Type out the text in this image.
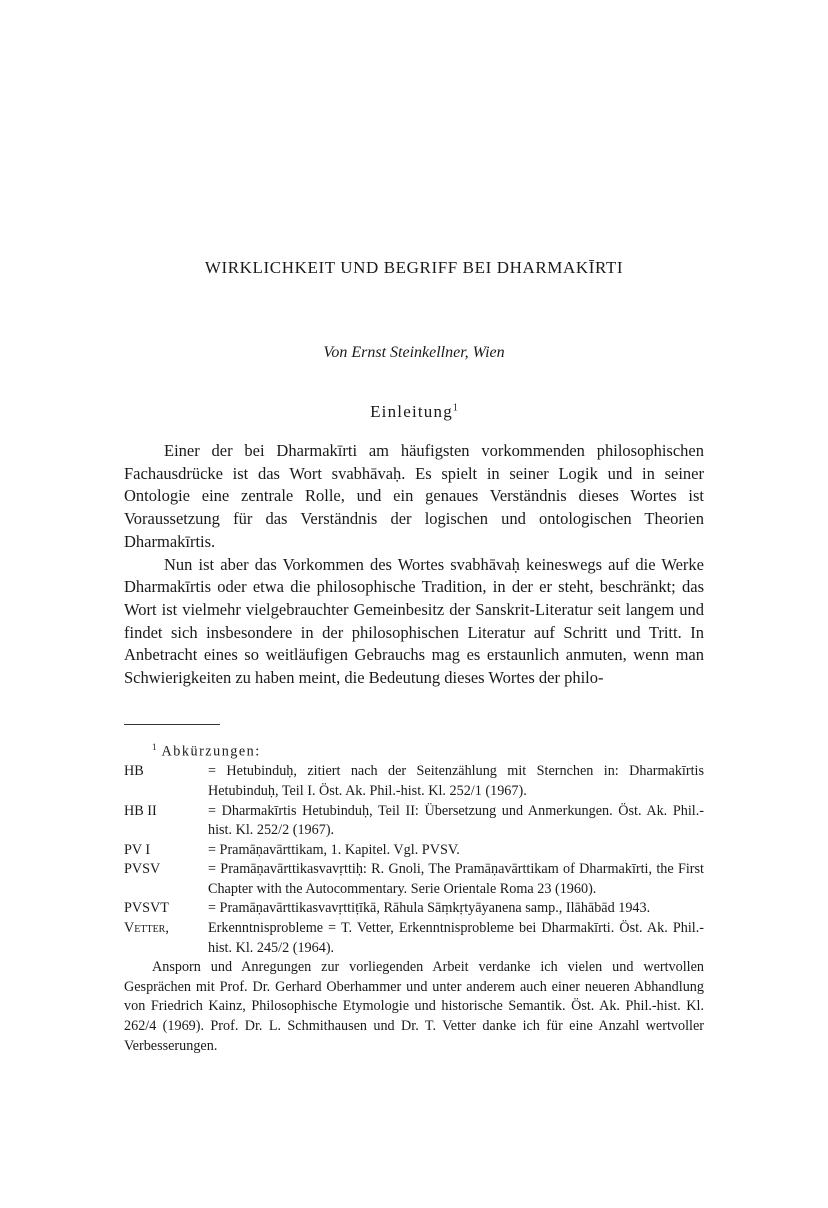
WIRKLICHKEIT UND BEGRIFF BEI DHARMAKĪRTI
Von Ernst Steinkellner, Wien
Einleitung$^1$

Einer der bei Dharmakīrti am häufigsten vorkommenden philosophischen Fachausdrücke ist das Wort svabhāvaḥ. Es spielt in seiner Logik und in seiner Ontologie eine zentrale Rolle, und ein genaues Verständnis dieses Wortes ist Voraussetzung für das Verständnis der logischen und ontologischen Theorien Dharmakīrtis.

Nun ist aber das Vorkommen des Wortes svabhāvaḥ keineswegs auf die Werke Dharmakīrtis oder etwa die philosophische Tradition, in der er steht, beschränkt; das Wort ist vielmehr vielgebrauchter Gemeinbesitz der Sanskrit-Literatur seit langem und findet sich insbesondere in der philosophischen Literatur auf Schritt und Tritt. In Anbetracht eines so weitläufigen Gebrauchs mag es erstaunlich anmuten, wenn man Schwierigkeiten zu haben meint, die Bedeutung dieses Wortes der philo-

$^1$ Abkürzungen:
HB	= Hetubinduḥ, zitiert nach der Seitenzählung mit Sternchen in: Dharmakīrtis Hetubinduḥ, Teil I. Öst. Ak. Phil.-hist. Kl. 252/1 (1967).
HB II	= Dharmakīrtis Hetubinduḥ, Teil II: Übersetzung und Anmerkungen. Öst. Ak. Phil.-hist. Kl. 252/2 (1967).
PV I	= Pramāṇavārttikam, 1. Kapitel. Vgl. PVSV.
PVSV	= Pramāṇavārttikasvavṛttiḥ: R. Gnoli, The Pramāṇavārttikam of Dharmakīrti, the First Chapter with the Autocommentary. Serie Orientale Roma 23 (1960).
PVSVT	= Pramāṇavārttikasvavṛttiṭīkā, Rāhula Sāṃkṛtyāyanena samp., Ilāhābād 1943.
Vetter,	Erkenntnisprobleme = T. Vetter, Erkenntnisprobleme bei Dharmakīrti. Öst. Ak. Phil.-hist. Kl. 245/2 (1964).

Ansporn und Anregungen zur vorliegenden Arbeit verdanke ich vielen und wertvollen Gesprächen mit Prof. Dr. Gerhard Oberhammer und unter anderem auch einer neueren Abhandlung von Friedrich Kainz, Philosophische Etymologie und historische Semantik. Öst. Ak. Phil.-hist. Kl. 262/4 (1969). Prof. Dr. L. Schmithausen und Dr. T. Vetter danke ich für eine Anzahl wertvoller Verbesserungen.
